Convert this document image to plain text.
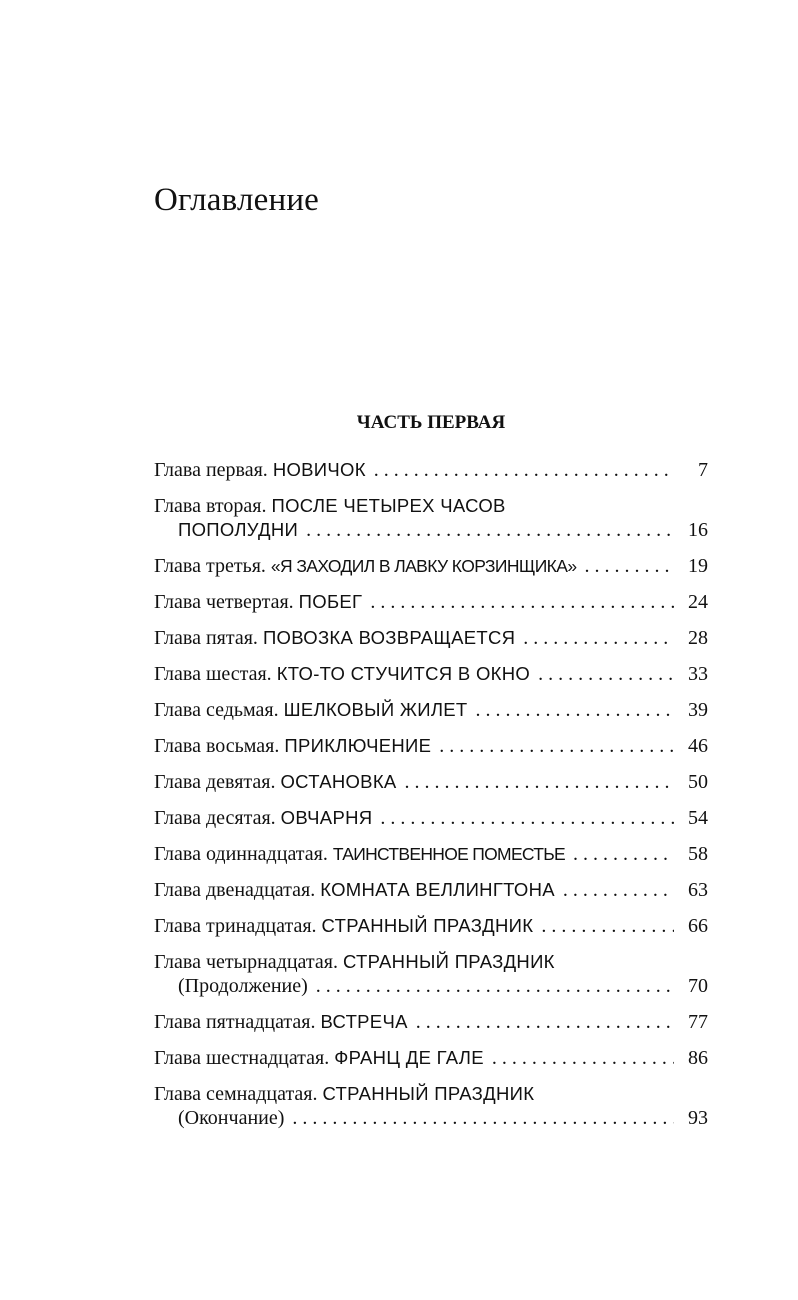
Оглавление
ЧАСТЬ ПЕРВАЯ
Глава первая. НОВИЧОК . . .	7
Глава вторая. ПОСЛЕ ЧЕТЫРЕХ ЧАСОВ
ПОПОЛУДНИ . . .	16
Глава третья. «Я ЗАХОДИЛ В ЛАВКУ КОРЗИНЩИКА» . . .	19
Глава четвертая. ПОБЕГ . . .	24
Глава пятая. ПОВОЗКА ВОЗВРАЩАЕТСЯ . . .	28
Глава шестая. КТО-ТО СТУЧИТСЯ В ОКНО . . .	33
Глава седьмая. ШЕЛКОВЫЙ ЖИЛЕТ . . .	39
Глава восьмая. ПРИКЛЮЧЕНИЕ . . .	46
Глава девятая. ОСТАНОВКА . . .	50
Глава десятая. ОВЧАРНЯ . . .	54
Глава одиннадцатая. ТАИНСТВЕННОЕ ПОМЕСТЬЕ . . .	58
Глава двенадцатая. КОМНАТА ВЕЛЛИНГТОНА . . .	63
Глава тринадцатая. СТРАННЫЙ ПРАЗДНИК . . .	66
Глава четырнадцатая. СТРАННЫЙ ПРАЗДНИК
(Продолжение) . . .	70
Глава пятнадцатая. ВСТРЕЧА . . .	77
Глава шестнадцатая. ФРАНЦ ДЕ ГАЛЕ . . .	86
Глава семнадцатая. СТРАННЫЙ ПРАЗДНИК
(Окончание) . . .	93
